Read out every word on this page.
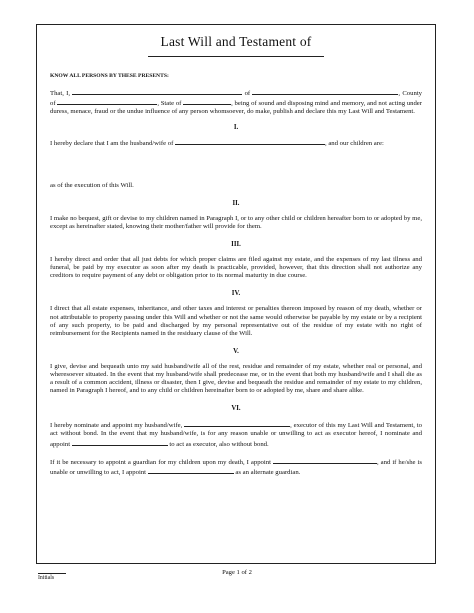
Last Will and Testament of

KNOW ALL PERSONS BY THESE PRESENTS:

That, I,	of	, County of	, State of	, being of sound and disposing mind and memory, and not acting under duress, menace, fraud or the undue influence of any person whomsoever, do make, publish and declare this my Last Will and Testament.

I.

I hereby declare that I am the husband/wife of	, and our children are:

as of the execution of this Will.

II.

I make no bequest, gift or devise to my children named in Paragraph I, or to any other child or children hereafter born to or adopted by me, except as hereinafter stated, knowing their mother/father will provide for them.

III.

I hereby direct and order that all just debts for which proper claims are filed against my estate, and the expenses of my last illness and funeral, be paid by my executor as soon after my death is practicable, provided, however, that this direction shall not authorize any creditors to require payment of any debt or obligation prior to its normal maturity in due course.

IV.

I direct that all estate expenses, inheritance, and other taxes and interest or penalties thereon imposed by reason of my death, whether or not attributable to property passing under this Will and whether or not the same would otherwise be payable by my estate or by a recipient of any such property, to be paid and discharged by my personal representative out of the residue of my estate with no right of reimbursement for the Recipients named in the residuary clause of the Will.

V.

I give, devise and bequeath unto my said husband/wife all of the rest, residue and remainder of my estate, whether real or personal, and wheresoever situated. In the event that my husband/wife shall predecease me, or in the event that both my husband/wife and I shall die as a result of a common accident, illness or disaster, then I give, devise and bequeath the residue and remainder of my estate to my children, named in Paragraph I hereof, and to any child or children hereinafter born to or adopted by me, share and share alike.

VI.

I hereby nominate and appoint my husband/wife,	, executor of this my Last Will and Testament, to act without bond. In the event that my husband/wife, is for any reason unable or unwilling to act as executor hereof, I nominate and appoint	to act as executor, also without bond.

If it be necessary to appoint a guardian for my children upon my death, I appoint	, and if he/she is unable or unwilling to act, I appoint	as an alternate guardian.

Page 1 of 2
Initials
